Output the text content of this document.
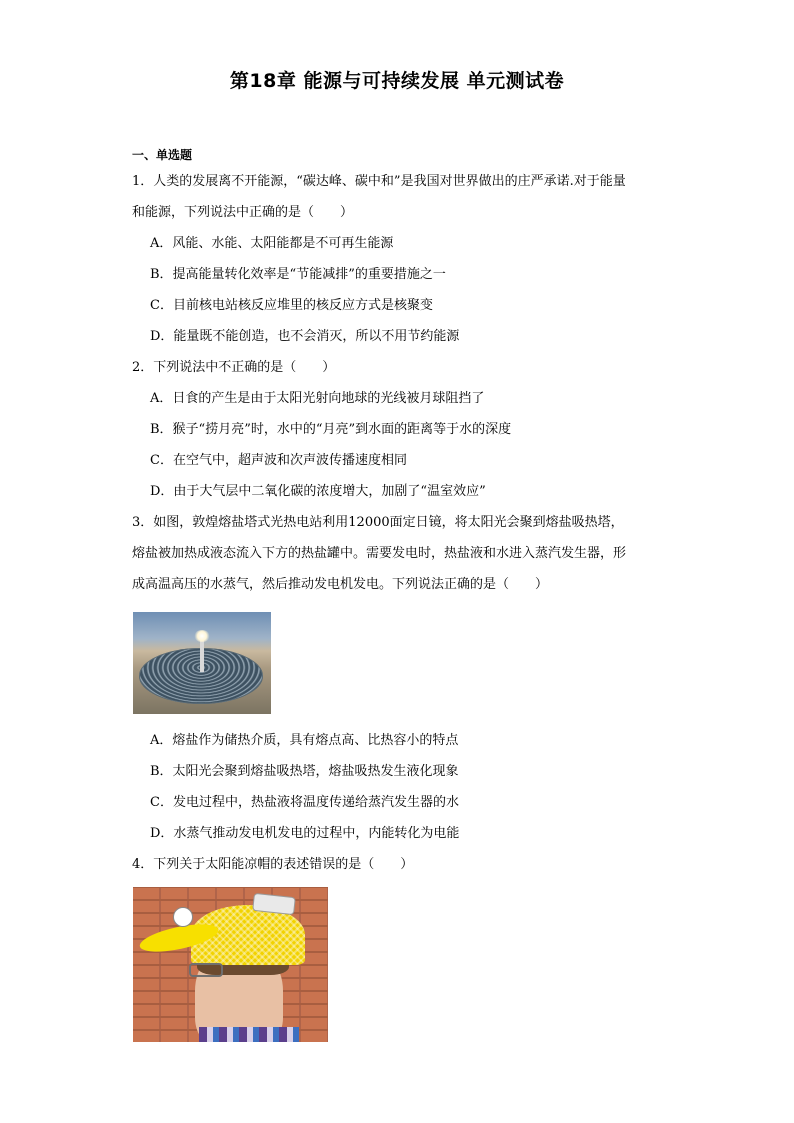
第18章 能源与可持续发展 单元测试卷
一、单选题
1．人类的发展离不开能源，“碳达峰、碳中和”是我国对世界做出的庄严承诺.对于能量
和能源，下列说法中正确的是（　　）
A．风能、水能、太阳能都是不可再生能源
B．提高能量转化效率是“节能减排”的重要措施之一
C．目前核电站核反应堆里的核反应方式是核聚变
D．能量既不能创造，也不会消灭，所以不用节约能源
2．下列说法中不正确的是（　　）
A．日食的产生是由于太阳光射向地球的光线被月球阻挡了
B．猴子“捞月亮”时，水中的“月亮”到水面的距离等于水的深度
C．在空气中，超声波和次声波传播速度相同
D．由于大气层中二氧化碳的浓度增大，加剧了“温室效应”
3．如图，敦煌熔盐塔式光热电站利用12000面定日镜，将太阳光会聚到熔盐吸热塔，
熔盐被加热成液态流入下方的热盐罐中。需要发电时，热盐液和水进入蒸汽发生器，形
成高温高压的水蒸气，然后推动发电机发电。下列说法正确的是（　　）
A．熔盐作为储热介质，具有熔点高、比热容小的特点
B．太阳光会聚到熔盐吸热塔，熔盐吸热发生液化现象
C．发电过程中，热盐液将温度传递给蒸汽发生器的水
D．水蒸气推动发电机发电的过程中，内能转化为电能
4．下列关于太阳能凉帽的表述错误的是（　　）
